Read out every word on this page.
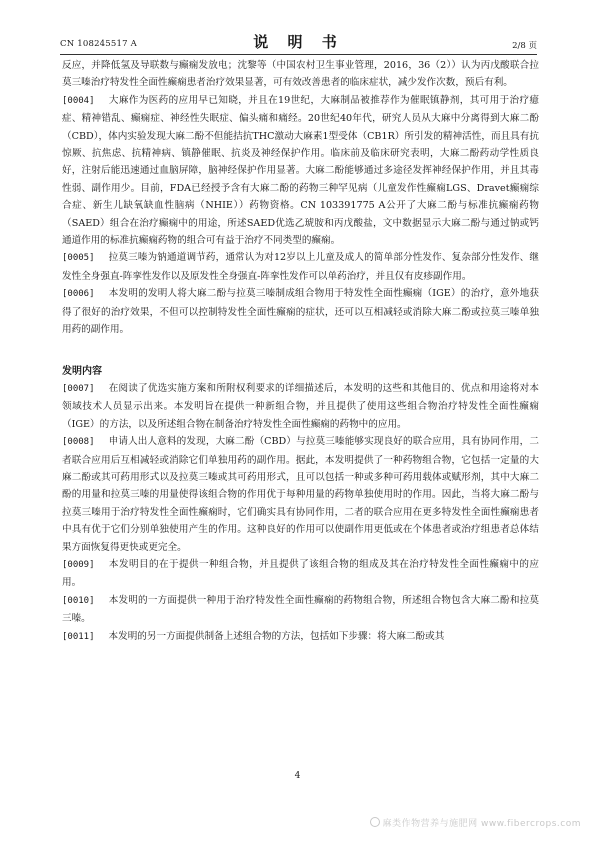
CN 108245517 A	说 明 书	2/8 页

反应，并降低氢及导联数与癫痫发放电；沈黎等（中国农村卫生事业管理，2016，36（2））认为丙戊酸联合拉莫三嗪治疗特发性全面性癫痫患者治疗效果显著，可有效改善患者的临床症状，减少发作次数，预后有利。

[0004] 大麻作为医药的应用早已知晓，并且在19世纪，大麻制品被推荐作为催眠镇静剂，其可用于治疗癔症、精神错乱、癫痫症、神经性失眠症、偏头痛和痛经。20世纪40年代，研究人员从大麻中分离得到大麻二酚（CBD），体内实验发现大麻二酚不但能拮抗THC激动大麻素1型受体（CB1R）所引发的精神活性，而且具有抗惊厥、抗焦虑、抗精神病、镇静催眠、抗炎及神经保护作用。临床前及临床研究表明，大麻二酚药动学性质良好，注射后能迅速通过血脑屏障，脑神经保护作用显著。大麻二酚能够通过多途径发挥神经保护作用，并且其毒性弱、副作用少。目前，FDA已经授予含有大麻二酚的药物三种罕见病（儿童发作性癫痫LGS、Dravet癫痫综合症、新生儿缺氧缺血性脑病（NHIE））药物资格。CN 103391775 A公开了大麻二酚与标准抗癫痫药物（SAED）组合在治疗癫痫中的用途，所述SAED优选乙琥胺和丙戊酸盐，文中数据显示大麻二酚与通过钠或钙通道作用的标准抗癫痫药物的组合可有益于治疗不同类型的癫痫。

[0005] 拉莫三嗪为钠通道调节药，通常认为对12岁以上儿童及成人的简单部分性发作、复杂部分性发作、继发性全身强直-阵挛性发作以及原发性全身强直-阵挛性发作可以单药治疗，并且仅有皮疹副作用。

[0006] 本发明的发明人将大麻二酚与拉莫三嗪制成组合物用于特发性全面性癫痫（IGE）的治疗，意外地获得了很好的治疗效果，不但可以控制特发性全面性癫痫的症状，还可以互相减轻或消除大麻二酚或拉莫三嗪单独用药的副作用。

发明内容

[0007] 在阅读了优选实施方案和所附权利要求的详细描述后，本发明的这些和其他目的、优点和用途将对本领域技术人员显示出来。本发明旨在提供一种新组合物，并且提供了使用这些组合物治疗特发性全面性癫痫（IGE）的方法，以及所述组合物在制备治疗特发性全面性癫痫的药物中的应用。

[0008] 申请人出人意料的发现，大麻二酚（CBD）与拉莫三嗪能够实现良好的联合应用，具有协同作用，二者联合应用后互相减轻或消除它们单独用药的副作用。据此，本发明提供了一种药物组合物，它包括一定量的大麻二酚或其可药用形式以及拉莫三嗪或其可药用形式，且可以包括一种或多种可药用载体或赋形剂，其中大麻二酚的用量和拉莫三嗪的用量使得该组合物的作用优于每种用量的药物单独使用时的作用。因此，当将大麻二酚与拉莫三嗪用于治疗特发性全面性癫痫时，它们确实具有协同作用，二者的联合应用在更多特发性全面性癫痫患者中具有优于它们分别单独使用产生的作用。这种良好的作用可以使副作用更低或在个体患者或治疗组患者总体结果方面恢复得更快或更完全。

[0009] 本发明目的在于提供一种组合物，并且提供了该组合物的组成及其在治疗特发性全面性癫痫中的应用。

[0010] 本发明的一方面提供一种用于治疗特发性全面性癫痫的药物组合物，所述组合物包含大麻二酚和拉莫三嗪。

[0011] 本发明的另一方面提供制备上述组合物的方法，包括如下步骤：将大麻二酚或其

4
麻类作物营养与施肥网 www.fibercrops.com
